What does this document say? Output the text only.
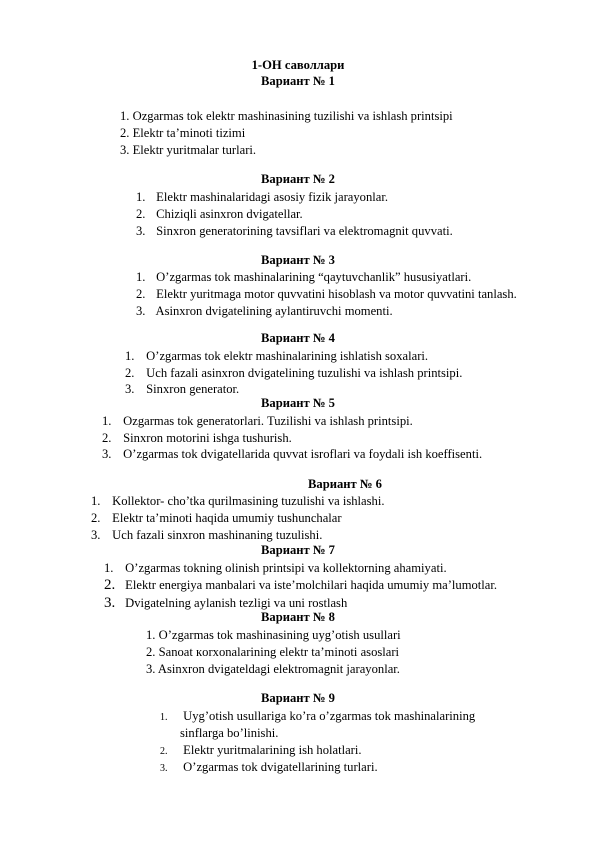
1-ОН саволлари
Вариант № 1
1. Ozgarmas tok elektr mashinasining tuzilishi va ishlash printsipi
2. Elektr ta’minoti tizimi
3. Elektr yuritmalar turlari.
Вариант № 2
1. Elektr mashinalaridagi asosiy fizik jarayonlar.
2. Chiziqli asinxron dvigatellar.
3. Sinxron generatorining tavsiflari va elektromagnit quvvati.
Вариант № 3
1. O’zgarmas tok mashinalarining “qaytuvchanlik” hususiyatlari.
2. Elektr yuritmaga motor quvvatini hisoblash va motor quvvatini tanlash.
3. Asinxron dvigatelining aylantiruvchi momenti.
Вариант № 4
1. O’zgarmas tok elektr mashinalarining ishlatish soxalari.
2. Uch fazali asinxron dvigatelining tuzulishi va ishlash printsipi.
3. Sinxron generator.
Вариант № 5
1. Ozgarmas tok generatorlari. Tuzilishi va ishlash printsipi.
2. Sinxron motorini ishga tushurish.
3. O’zgarmas tok dvigatellarida quvvat isroflari va foydali ish koeffisenti.
Вариант № 6
1. Kollektor- cho’tka qurilmasining tuzulishi va ishlashi.
2. Elektr ta’minoti haqida umumiy tushunchalar
3. Uch fazali sinxron mashinaning tuzulishi.
Вариант № 7
1. O’zgarmas tokning olinish printsipi va kollektorning ahamiyati.
2. Elektr energiya manbalari va iste’molchilari haqida umumiy ma’lumotlar.
3. Dvigatelning aylanish tezligi va uni rostlash
Вариант № 8
1. O’zgarmas tok mashinasining uyg’otish usullari
2. Sanoat кorxonalarining elektr ta’minoti asoslari
3. Asinxron dvigateldagi elektromagnit jarayonlar.
Вариант № 9
1. Uyg’otish usullariga ko’ra o’zgarmas tok mashinalarining
sinflarga bo’linishi.
2. Elektr yuritmalarining ish holatlari.
3. O’zgarmas tok dvigatellarining turlari.
